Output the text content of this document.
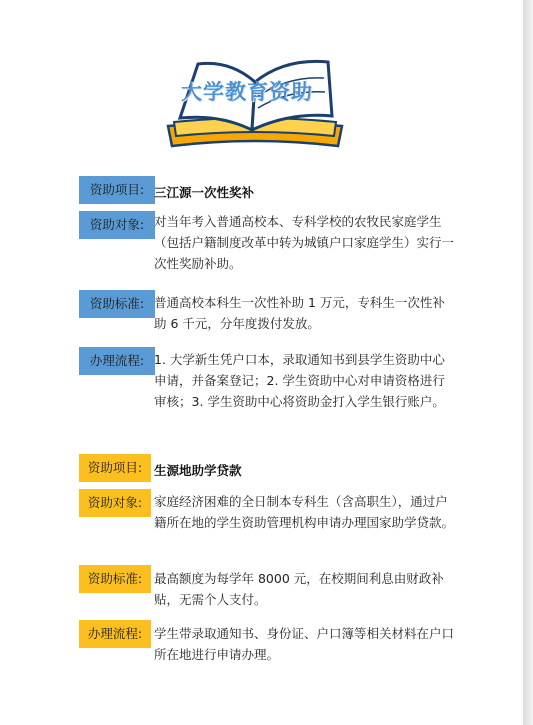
大学教育资助
资助项目: 三江源一次性奖补
资助对象: 对当年考入普通高校本、专科学校的农牧民家庭学生（包括户籍制度改革中转为城镇户口家庭学生）实行一次性奖励补助。
资助标准: 普通高校本科生一次性补助 1 万元，专科生一次性补助 6 千元，分年度拨付发放。
办理流程: 1. 大学新生凭户口本，录取通知书到县学生资助中心申请，并备案登记；2. 学生资助中心对申请资格进行审核；3. 学生资助中心将资助金打入学生银行账户。
资助项目: 生源地助学贷款
资助对象: 家庭经济困难的全日制本专科生（含高职生），通过户籍所在地的学生资助管理机构申请办理国家助学贷款。
资助标准: 最高额度为每学年 8000 元，在校期间利息由财政补贴，无需个人支付。
办理流程: 学生带录取通知书、身份证、户口簿等相关材料在户口所在地进行申请办理。
